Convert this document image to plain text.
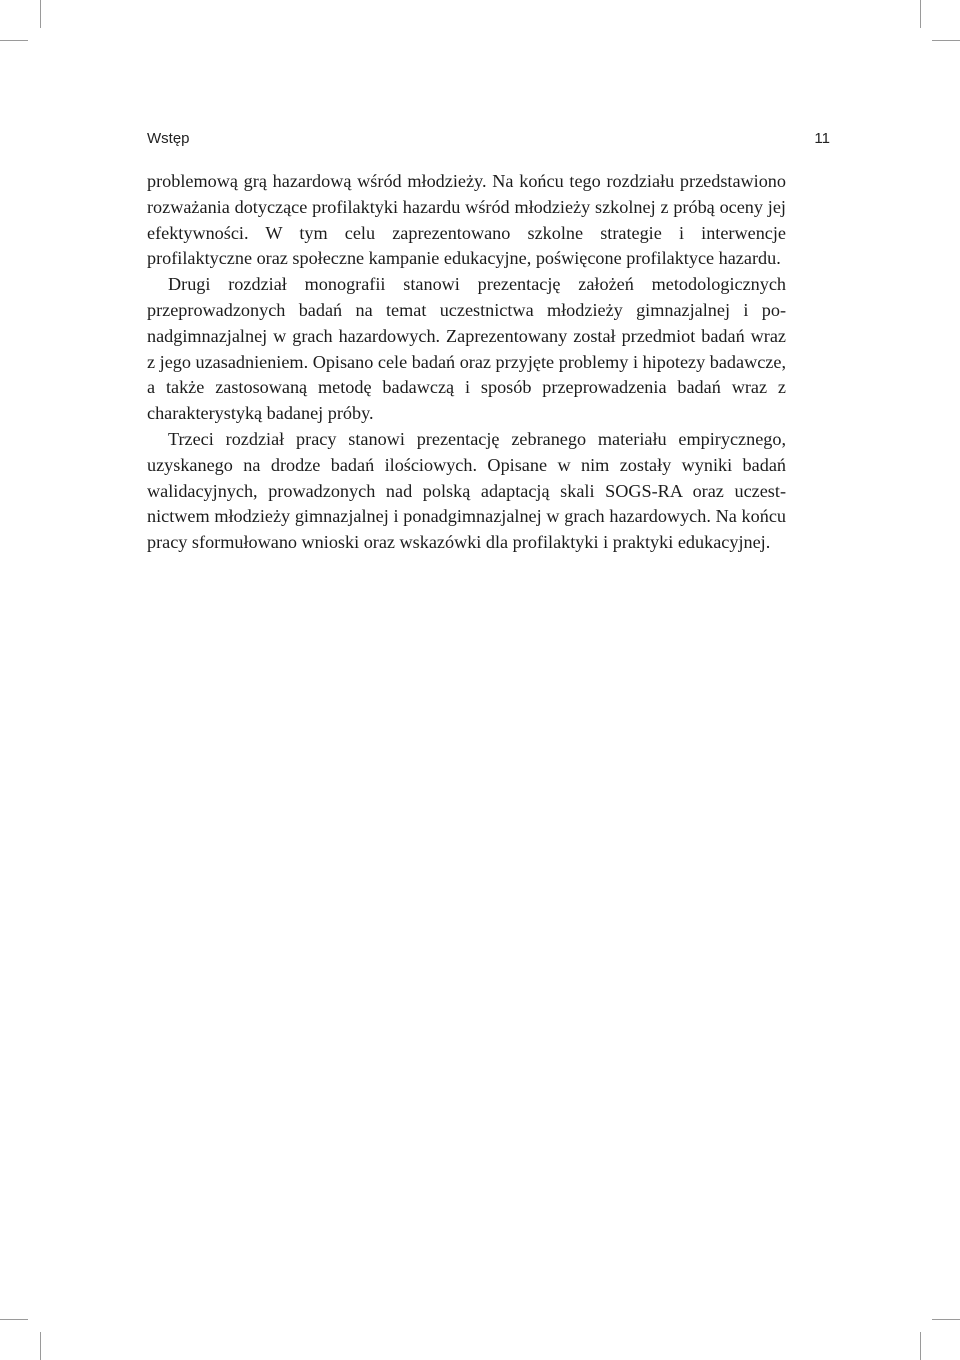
Wstęp	11

problemową grą hazardową wśród młodzieży. Na końcu tego rozdziału przedstawiono rozważania dotyczące profilaktyki hazardu wśród młodzieży szkolnej z próbą oceny jej efektywności. W tym celu zaprezentowano szkolne strategie i interwencje profilaktyczne oraz społeczne kampanie edukacyjne, poświęcone profilaktyce hazardu.

Drugi rozdział monografii stanowi prezentację założeń metodologicznych przeprowadzonych badań na temat uczestnictwa młodzieży gimnazjalnej i ponadgimnazjalnej w grach hazardowych. Zaprezentowany został przedmiot badań wraz z jego uzasadnieniem. Opisano cele badań oraz przyjęte problemy i hipotezy badawcze, a także zastosowaną metodę badawczą i sposób przeprowadzenia badań wraz z charakterystyką badanej próby.

Trzeci rozdział pracy stanowi prezentację zebranego materiału empirycznego, uzyskanego na drodze badań ilościowych. Opisane w nim zostały wyniki badań walidacyjnych, prowadzonych nad polską adaptacją skali SOGS-RA oraz uczestnictwem młodzieży gimnazjalnej i ponadgimnazjalnej w grach hazardowych. Na końcu pracy sformułowano wnioski oraz wskazówki dla profilaktyki i praktyki edukacyjnej.
